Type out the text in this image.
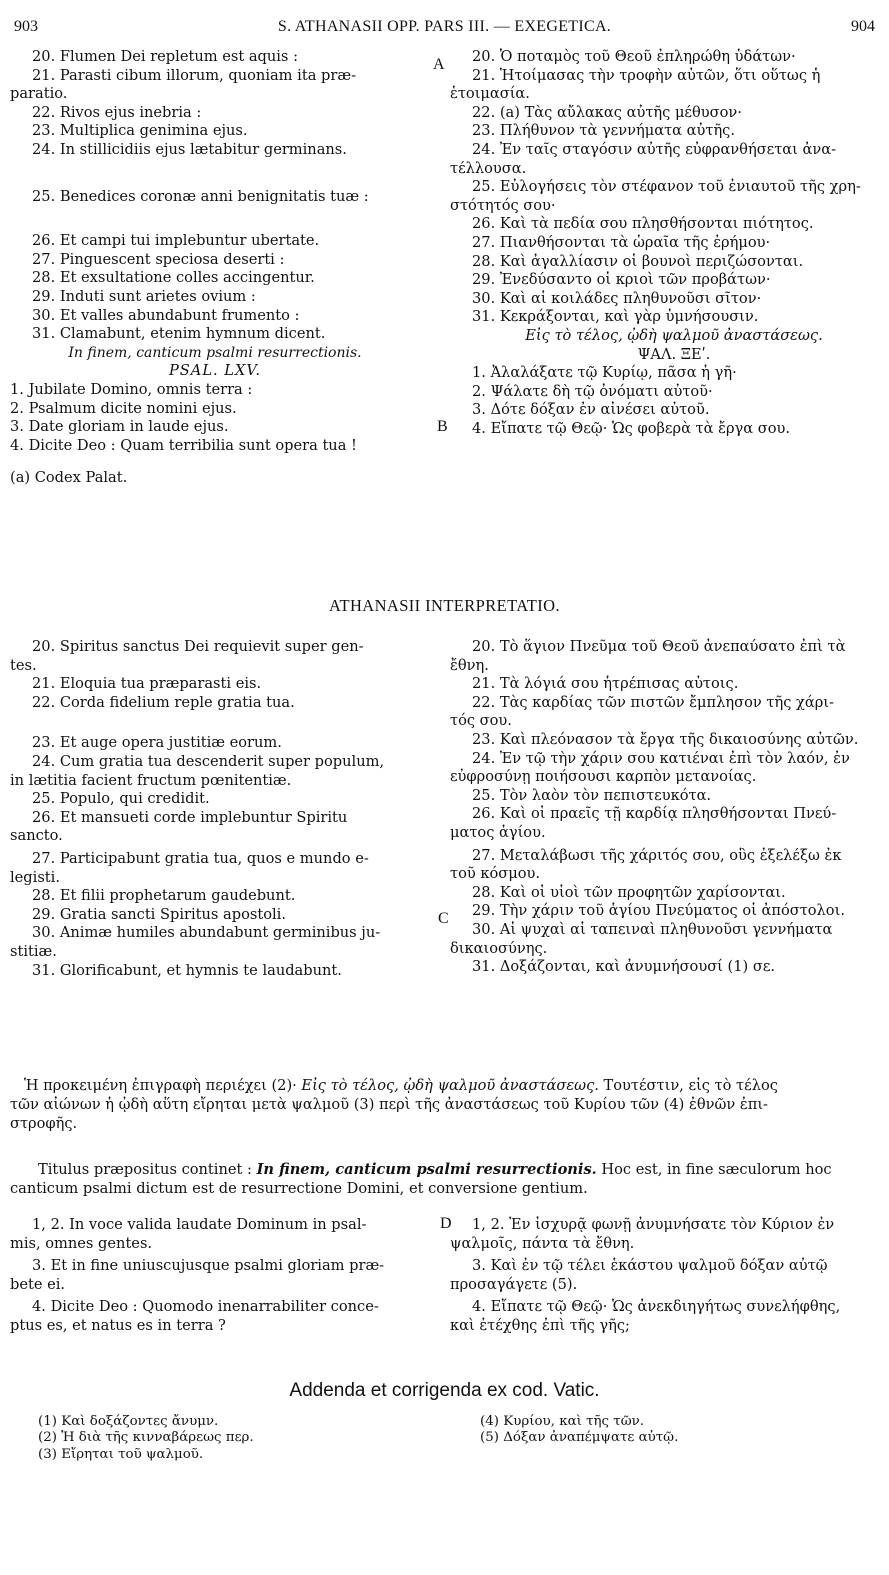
903	S. ATHANASII OPP. PARS III. — EXEGETICA.	904
A
B
C
D

20. Flumen Dei repletum est aquis :

21. Parasti cibum illorum, quoniam ita præ-

paratio.

22. Rivos ejus inebria :

23. Multiplica genimina ejus.

24. In stillicidiis ejus lætabitur germinans.

25. Benedices coronæ anni benignitatis tuæ :

26. Et campi tui implebuntur ubertate.

27. Pinguescent speciosa deserti :

28. Et exsultatione colles accingentur.

29. Induti sunt arietes ovium :

30. Et valles abundabunt frumento :

31. Clamabunt, etenim hymnum dicent.

In finem, canticum psalmi resurrectionis.

PSAL. LXV.

1. Jubilate Domino, omnis terra :

2. Psalmum dicite nomini ejus.

3. Date gloriam in laude ejus.

4. Dicite Deo : Quam terribilia sunt opera tua !

(a) Codex Palat.

20. Ὁ ποταμὸς τοῦ Θεοῦ ἐπληρώθη ὑδάτων·

21. Ἡτοίμασας τὴν τροφὴν αὐτῶν, ὅτι οὕτως ἡ

ἑτοιμασία.

22. (a) Τὰς αὔλακας αὐτῆς μέθυσον·

23. Πλήθυνον τὰ γεννήματα αὐτῆς.

24. Ἐν ταῖς σταγόσιν αὐτῆς εὐφρανθήσεται ἀνα-

τέλλουσα.

25. Εὐλογήσεις τὸν στέφανον τοῦ ἐνιαυτοῦ τῆς χρη-

στότητός σου·

26. Καὶ τὰ πεδία σου πλησθήσονται πιότητος.

27. Πιανθήσονται τὰ ὡραῖα τῆς ἐρήμου·

28. Καὶ ἀγαλλίασιν οἱ βουνοὶ περιζώσονται.

29. Ἐνεδύσαντο οἱ κριοὶ τῶν προβάτων·

30. Καὶ αἱ κοιλάδες πληθυνοῦσι σῖτον·

31. Κεκράξονται, καὶ γὰρ ὑμνήσουσιν.

Εἰς τὸ τέλος, ᾠδὴ ψαλμοῦ ἀναστάσεως.

ΨΑΛ. ΞΕʹ.

1. Ἀλαλάξατε τῷ Κυρίῳ, πᾶσα ἡ γῆ·

2. Ψάλατε δὴ τῷ ὀνόματι αὐτοῦ·

3. Δότε δόξαν ἐν αἰνέσει αὐτοῦ.

4. Εἴπατε τῷ Θεῷ· Ὡς φοβερὰ τὰ ἔργα σου.

ATHANASII INTERPRETATIO.

20. Spiritus sanctus Dei requievit super gen-

tes.

21. Eloquia tua præparasti eis.

22. Corda fidelium reple gratia tua.

23. Et auge opera justitiæ eorum.

24. Cum gratia tua descenderit super populum,

in lætitia facient fructum pœnitentiæ.

25. Populo, qui credidit.

26. Et mansueti corde implebuntur Spiritu

sancto.

27. Participabunt gratia tua, quos e mundo e-

legisti.

28. Et filii prophetarum gaudebunt.

29. Gratia sancti Spiritus apostoli.

30. Animæ humiles abundabunt germinibus ju-

stitiæ.

31. Glorificabunt, et hymnis te laudabunt.

20. Τὸ ἅγιον Πνεῦμα τοῦ Θεοῦ ἀνεπαύσατο ἐπὶ τὰ

ἔθνη.

21. Τὰ λόγιά σου ἡτρέπισας αὐτοις.

22. Τὰς καρδίας τῶν πιστῶν ἔμπλησον τῆς χάρι-

τός σου.

23. Καὶ πλεόνασον τὰ ἔργα τῆς δικαιοσύνης αὐτῶν.

24. Ἐν τῷ τὴν χάριν σου κατιέναι ἐπὶ τὸν λαόν, ἐν

εὐφροσύνῃ ποιήσουσι καρπὸν μετανοίας.

25. Τὸν λαὸν τὸν πεπιστευκότα.

26. Καὶ οἱ πραεῖς τῇ καρδίᾳ πλησθήσονται Πνεύ-

ματος ἁγίου.

27. Μεταλάβωσι τῆς χάριτός σου, οὓς ἐξελέξω ἐκ

τοῦ κόσμου.

28. Καὶ οἱ υἱοὶ τῶν προφητῶν χαρίσονται.

29. Τὴν χάριν τοῦ ἁγίου Πνεύματος οἱ ἀπόστολοι.

30. Αἱ ψυχαὶ αἱ ταπειναὶ πληθυνοῦσι γεννήματα

δικαιοσύνης.

31. Δοξάζονται, καὶ ἀνυμνήσουσί (1) σε.

Ἡ προκειμένη ἐπιγραφὴ περιέχει (2)· Εἰς τὸ τέλος, ᾠδὴ ψαλμοῦ ἀναστάσεως. Τουτέστιν, εἰς τὸ τέλος
τῶν αἰώνων ἡ ᾠδὴ αὕτη εἴρηται μετὰ ψαλμοῦ (3) περὶ τῆς ἀναστάσεως τοῦ Κυρίου τῶν (4) ἐθνῶν ἐπι-
στροφῆς.
Titulus præpositus continet : In finem, canticum psalmi resurrectionis. Hoc est, in fine sæculorum hoc
canticum psalmi dictum est de resurrectione Domini, et conversione gentium.

1, 2. In voce valida laudate Dominum in psal-

mis, omnes gentes.

3. Et in fine uniuscujusque psalmi gloriam præ-

bete ei.

4. Dicite Deo : Quomodo inenarrabiliter conce-

ptus es, et natus es in terra ?

1, 2. Ἐν ἰσχυρᾷ φωνῇ ἀνυμνήσατε τὸν Κύριον ἐν

ψαλμοῖς, πάντα τὰ ἔθνη.

3. Καὶ ἐν τῷ τέλει ἑκάστου ψαλμοῦ δόξαν αὐτῷ

προσαγάγετε (5).

4. Εἴπατε τῷ Θεῷ· Ὡς ἀνεκδιηγήτως συνελήφθης,

καὶ ἐτέχθης ἐπὶ τῆς γῆς;

Addenda et corrigenda ex cod. Vatic.
(1) Καὶ δοξάζοντες ἄνυμν.
(2) Ἡ διὰ τῆς κινναβάρεως περ.
(3) Εἴρηται τοῦ ψαλμοῦ.
(4) Κυρίου, καὶ τῆς τῶν.
(5) Δόξαν ἀναπέμψατε αὐτῷ.
